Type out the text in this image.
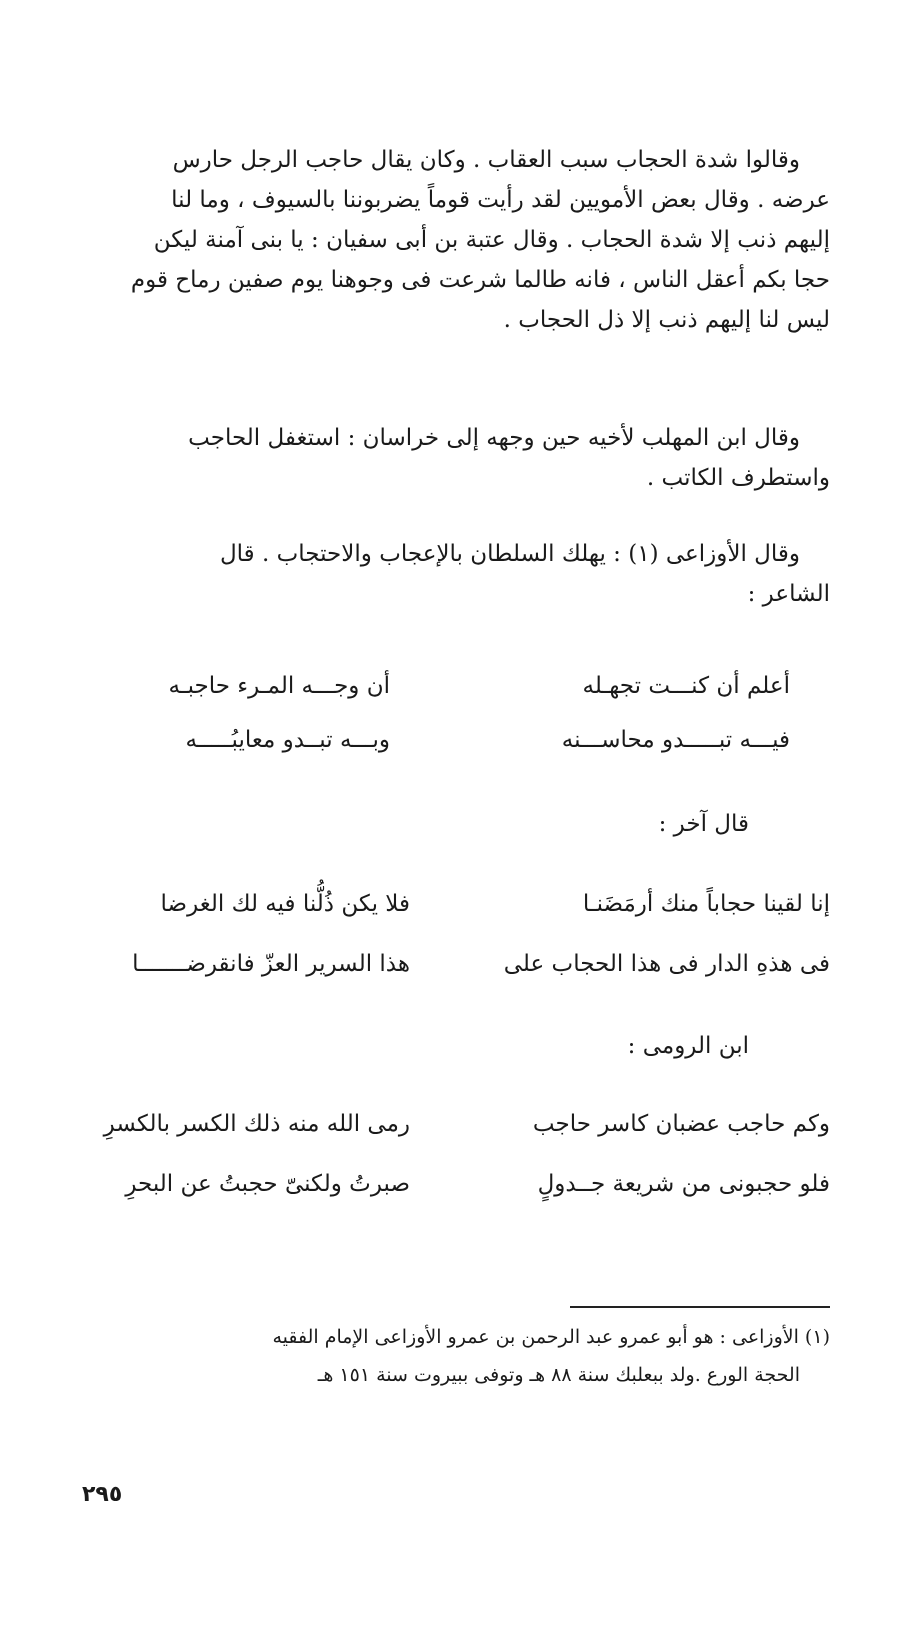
وقالوا شدة الحجاب سبب العقاب . وكان يقال حاجب الرجل حارس

عرضه . وقال بعض الأمويين لقد رأيت قوماً يضربوننا بالسيوف ، وما لنا

إليهم ذنب إلا شدة الحجاب . وقال عتبة بن أبى سفيان : يا بنى آمنة ليكن

حجا بكم أعقل الناس ، فانه طالما شرعت فى وجوهنا يوم صفين رماح قوم

ليس لنا إليهم ذنب إلا ذل الحجاب .

وقال ابن المهلب لأخيه حين وجهه إلى خراسان : استغفل الحاجب

واستطرف الكاتب .

وقال الأوزاعى (١) : يهلك السلطان بالإعجاب والاحتجاب . قال

الشاعر :

أعلم أن كنـــت تجهـله
أن وجـــه المـرء حاجبـه
فيـــه تبـــــدو محاســـنه
وبـــه تبــدو معايبُـــــه
قال آخر :
إنا لقينا حجاباً منك أرمَضَنـا
فلا يكن ذُلُّنا فيه لك الغرضا
فى هذهِ الدار فى هذا الحجاب على
هذا السرير العزّ فانقرضـــــــا
ابن الرومى :
وكم حاجب عضبان كاسر حاجب
رمى الله منه ذلك الكسر بالكسرِ
فلو حجبونى من شريعة جــدولٍ
صبرتُ ولكنىّ حجبتُ عن البحرِ

(١) الأوزاعى : هو أبو عمرو عبد الرحمن بن عمرو الأوزاعى الإمام الفقيه

الحجة الورع .ولد ببعلبك سنة ٨٨ هـ وتوفى ببيروت سنة ١٥١ هـ

٢٩٥
